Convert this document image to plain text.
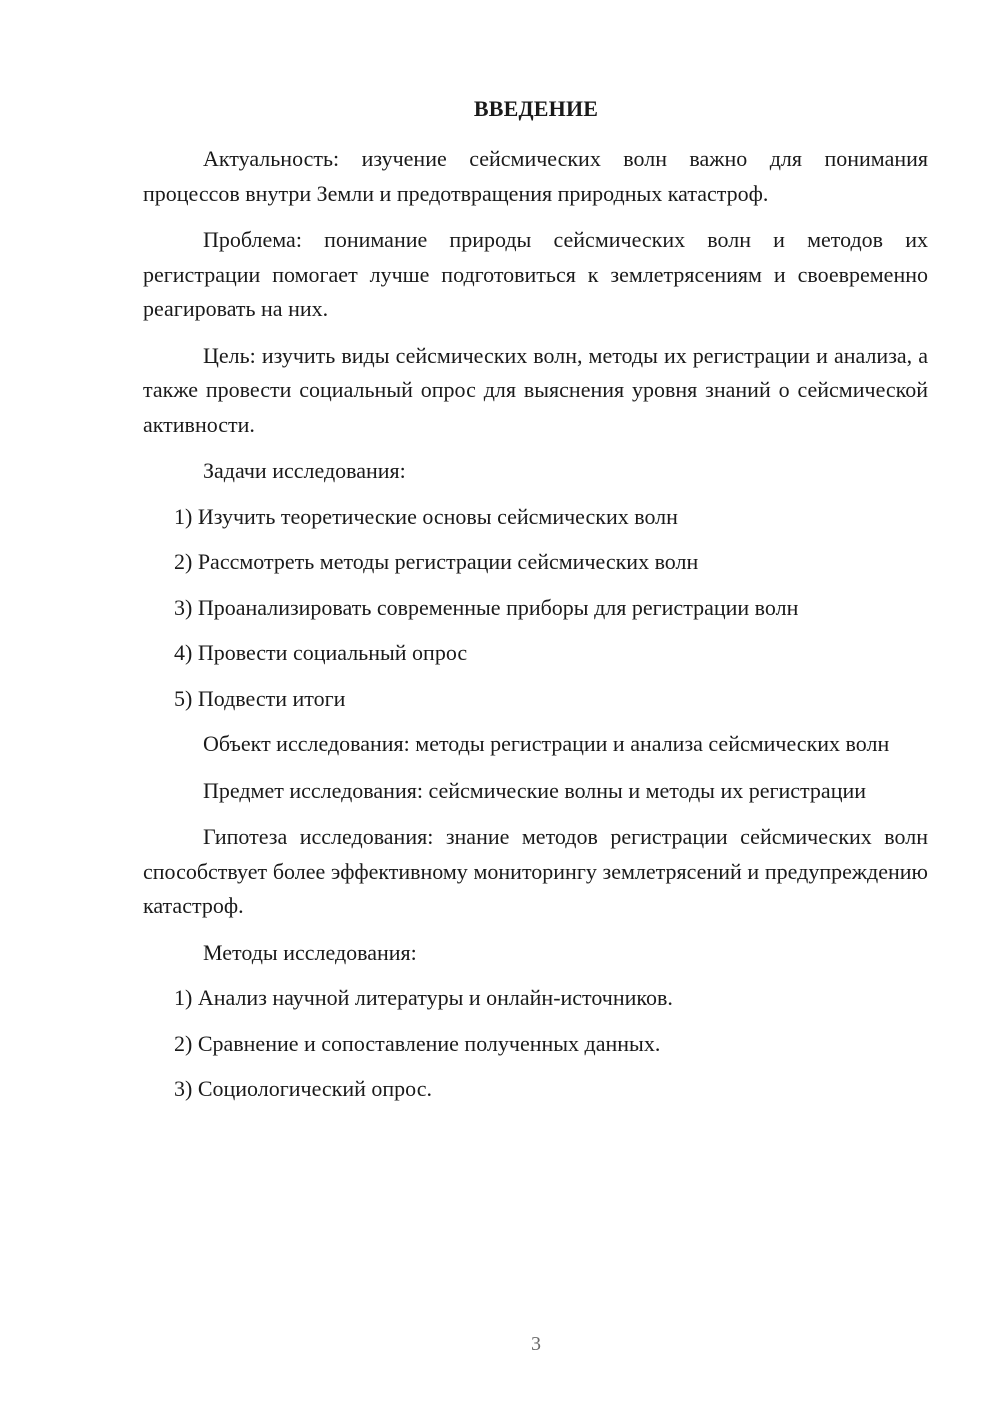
ВВЕДЕНИЕ

Актуальность: изучение сейсмических волн важно для понимания процессов внутри Земли и предотвращения природных катастроф.

Проблема: понимание природы сейсмических волн и методов их регистрации помогает лучше подготовиться к землетрясениям и своевременно реагировать на них.

Цель: изучить виды сейсмических волн, методы их регистрации и анализа, а также провести социальный опрос для выяснения уровня знаний о сейсмической активности.

Задачи исследования:
1) Изучить теоретические основы сейсмических волн
2) Рассмотреть методы регистрации сейсмических волн
3) Проанализировать современные приборы для регистрации волн
4) Провести социальный опрос
5) Подвести итоги

Объект исследования: методы регистрации и анализа сейсмических волн

Предмет исследования: сейсмические волны и методы их регистрации

Гипотеза исследования: знание методов регистрации сейсмических волн способствует более эффективному мониторингу землетрясений и предупреждению катастроф.

Методы исследования:
1) Анализ научной литературы и онлайн-источников.
2) Сравнение и сопоставление полученных данных.
3) Социологический опрос.
3
